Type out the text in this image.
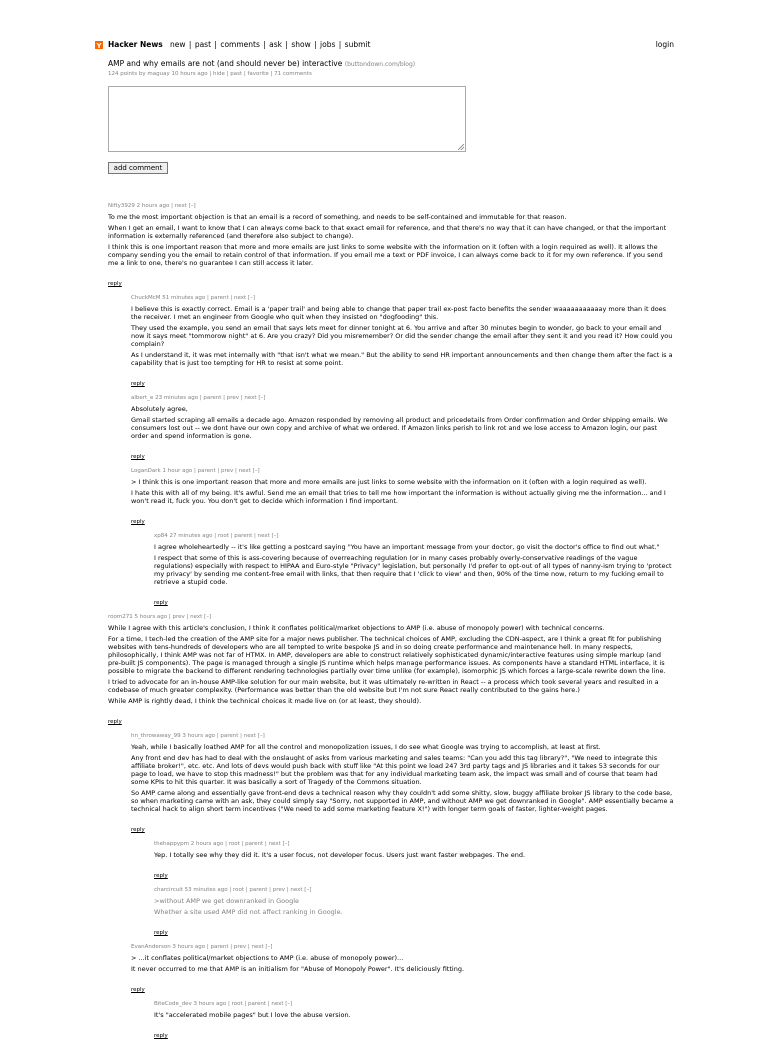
Y Hacker News new | past | comments | ask | show | jobs | submit	login
AMP and why emails are not (and should never be) interactive (buttondown.com/blog)
124 points by maguay 10 hours ago | hide | past | favorite | 71 comments
add comment
Nifty3929 2 hours ago | next [–]
To me the most important objection is that an email is a record of something, and needs to be self-contained and immutable for that reason.
When I get an email, I want to know that I can always come back to that exact email for reference, and that there's no way that it can have changed, or that the important information is externally referenced (and therefore also subject to change).
I think this is one important reason that more and more emails are just links to some website with the information on it (often with a login required as well). It allows the company sending you the email to retain control of that information. If you email me a text or PDF invoice, I can always come back to it for my own reference. If you send me a link to one, there's no guarantee I can still access it later.
reply
ChuckMcM 51 minutes ago | parent | next [–]
I believe this is exactly correct. Email is a 'paper trail' and being able to change that paper trail ex-post facto benefits the sender waaaaaaaaaaay more than it does the receiver. I met an engineer from Google who quit when they insisted on "dogfooding" this.
They used the example, you send an email that says lets meet for dinner tonight at 6. You arrive and after 30 minutes begin to wonder, go back to your email and now it says meet "tommorow night" at 6. Are you crazy? Did you misremember? Or did the sender change the email after they sent it and you read it? How could you complain?
As I understand it, it was met internally with "that isn't what we mean." But the ability to send HR important announcements and then change them after the fact is a capability that is just too tempting for HR to resist at some point.
reply
albert_e 23 minutes ago | parent | prev | next [–]
Absolutely agree,
Gmail started scraping all emails a decade ago. Amazon responded by removing all product and pricedetails from Order confirmation and Order shipping emails. We consumers lost out -- we dont have our own copy and archive of what we ordered. If Amazon links perish to link rot and we lose access to Amazon login, our past order and spend information is gone.
reply
LoganDark 1 hour ago | parent | prev | next [–]
> I think this is one important reason that more and more emails are just links to some website with the information on it (often with a login required as well).
I hate this with all of my being. It's awful. Send me an email that tries to tell me how important the information is without actually giving me the information... and I won't read it, fuck you. You don't get to decide which information I find important.
reply
xp84 27 minutes ago | root | parent | next [–]
I agree wholeheartedly -- it's like getting a postcard saying "You have an important message from your doctor, go visit the doctor's office to find out what."
I respect that some of this is ass-covering because of overreaching regulation (or in many cases probably overly-conservative readings of the vague regulations) especially with respect to HIPAA and Euro-style "Privacy" legislation, but personally I'd prefer to opt-out of all types of nanny-ism trying to 'protect my privacy' by sending me content-free email with links, that then require that I 'click to view' and then, 90% of the time now, return to my fucking email to retrieve a stupid code.
reply
room271 5 hours ago | prev | next [–]
While I agree with this article's conclusion, I think it conflates political/market objections to AMP (i.e. abuse of monopoly power) with technical concerns.
For a time, I tech-led the creation of the AMP site for a major news publisher. The technical choices of AMP, excluding the CDN-aspect, are I think a great fit for publishing websites with tens-hundreds of developers who are all tempted to write bespoke JS and in so doing create performance and maintenance hell. In many respects, philosophically, I think AMP was not far of HTMX. In AMP, developers are able to construct relatively sophisticated dynamic/interactive features using simple markup (and pre-built JS components). The page is managed through a single JS runtime which helps manage performance issues. As components have a standard HTML interface, it is possible to migrate the backend to different rendering technologies partially over time unlike (for example), isomorphic JS which forces a large-scale rewrite down the line.
I tried to advocate for an in-house AMP-like solution for our main website, but it was ultimately re-written in React -- a process which took several years and resulted in a codebase of much greater complexity. (Performance was better than the old website but I'm not sure React really contributed to the gains here.)
While AMP is rightly dead, I think the technical choices it made live on (or at least, they should).
reply
hn_throwaway_99 3 hours ago | parent | next [–]
Yeah, while I basically loathed AMP for all the control and monopolization issues, I do see what Google was trying to accomplish, at least at first.
Any front end dev has had to deal with the onslaught of asks from various marketing and sales teams: "Can you add this tag library?", "We need to integrate this affiliate broker!", etc. etc. And lots of devs would push back with stuff like "At this point we load 247 3rd party tags and JS libraries and it takes 53 seconds for our page to load, we have to stop this madness!" but the problem was that for any individual marketing team ask, the impact was small and of course that team had some KPIs to hit this quarter. It was basically a sort of Tragedy of the Commons situation.
So AMP came along and essentially gave front-end devs a technical reason why they couldn't add some shitty, slow, buggy affiliate broker JS library to the code base, so when marketing came with an ask, they could simply say "Sorry, not supported in AMP, and without AMP we get downranked in Google". AMP essentially became a technical hack to align short term incentives ("We need to add some marketing feature X!") with longer term goals of faster, lighter-weight pages.
reply
thehappypm 2 hours ago | root | parent | next [–]
Yep. I totally see why they did it. It's a user focus, not developer focus. Users just want faster webpages. The end.
reply
charcircuit 53 minutes ago | root | parent | prev | next [–]
>without AMP we get downranked in Google
Whether a site used AMP did not affect ranking in Google.
reply
EvanAnderson 3 hours ago | parent | prev | next [–]
> ...it conflates political/market objections to AMP (i.e. abuse of monopoly power)...
It never occurred to me that AMP is an initialism for "Abuse of Monopoly Power". It's deliciously fitting.
reply
BiteCode_dev 3 hours ago | root | parent | next [–]
It's "accelerated mobile pages" but I love the abuse version.
reply
